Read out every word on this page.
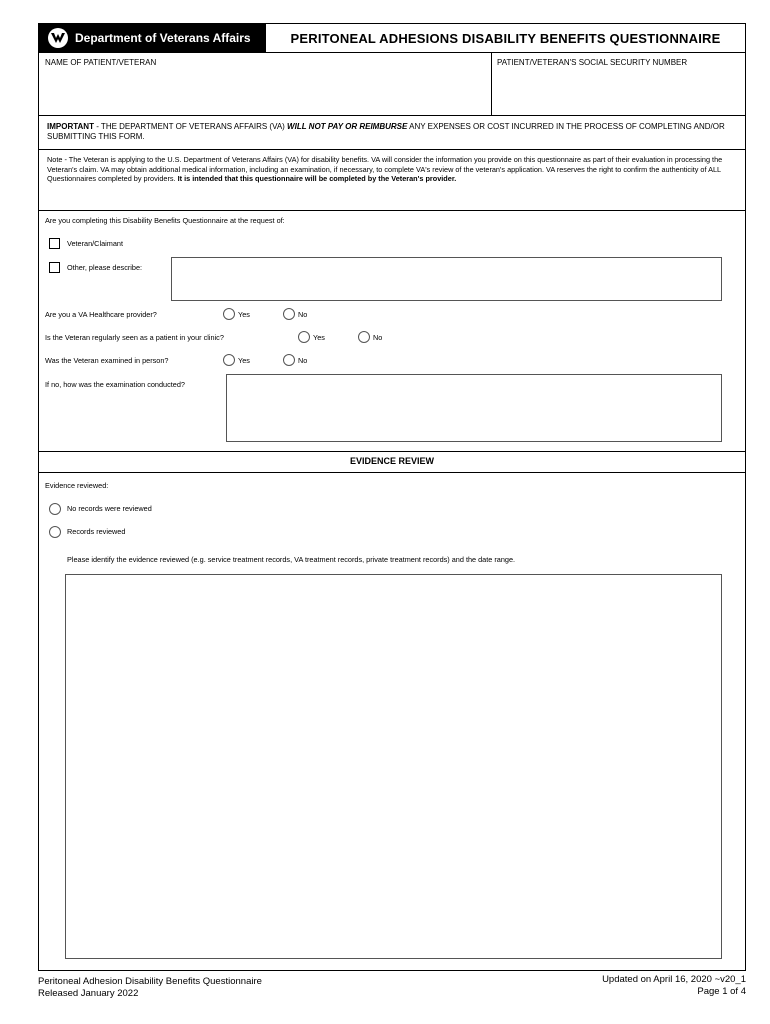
Department of Veterans Affairs	PERITONEAL ADHESIONS DISABILITY BENEFITS QUESTIONNAIRE
NAME OF PATIENT/VETERAN	PATIENT/VETERAN'S SOCIAL SECURITY NUMBER
IMPORTANT - THE DEPARTMENT OF VETERANS AFFAIRS (VA) WILL NOT PAY OR REIMBURSE ANY EXPENSES OR COST INCURRED IN THE PROCESS OF COMPLETING AND/OR SUBMITTING THIS FORM.
Note - The Veteran is applying to the U.S. Department of Veterans Affairs (VA) for disability benefits. VA will consider the information you provide on this questionnaire as part of their evaluation in processing the Veteran's claim. VA may obtain additional medical information, including an examination, if necessary, to complete VA's review of the veteran's application. VA reserves the right to confirm the authenticity of ALL Questionnaires completed by providers. It is intended that this questionnaire will be completed by the Veteran's provider.
Are you completing this Disability Benefits Questionnaire at the request of:
Veteran/Claimant
Other, please describe:
Are you a VA Healthcare provider?	Yes	No
Is the Veteran regularly seen as a patient in your clinic?	Yes	No
Was the Veteran examined in person?	Yes	No
If no, how was the examination conducted?
EVIDENCE REVIEW
Evidence reviewed:
No records were reviewed
Records reviewed
Please identify the evidence reviewed (e.g. service treatment records, VA treatment records, private treatment records) and the date range.
Peritoneal Adhesion Disability Benefits Questionnaire
Released January 2022
Updated on April 16, 2020 ~v20_1
Page 1 of 4
